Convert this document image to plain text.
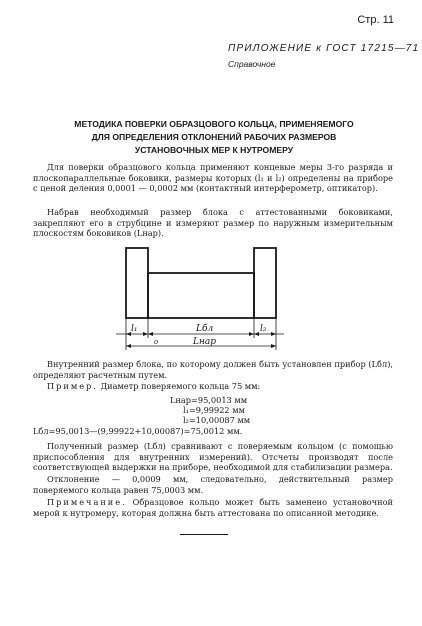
Стр. 11
ПРИЛОЖЕНИЕ к ГОСТ 17215—71
Справочное
МЕТОДИКА ПОВЕРКИ ОБРАЗЦОВОГО КОЛЬЦА, ПРИМЕНЯЕМОГО
ДЛЯ ОПРЕДЕЛЕНИЯ ОТКЛОНЕНИЙ РАБОЧИХ РАЗМЕРОВ
УСТАНОВОЧНЫХ МЕР К НУТРОМЕРУ

Для поверки образцового кольца применяют концевые меры 3-го разряда и плоскопараллельные боковики, размеры которых (l₁ и l₂) определены на приборе с ценой деления 0,0001 — 0,0002 мм (контактный интерферометр, оптикатор).

Набрав необходимый размер блока с аттестованными боковиками, закрепляют его в струбцине и измеряют размер по наружным измерительным плоскостям боковиков (Lнар).

l₁	l₂
Lбл
Lнар
o

Внутренний размер блока, по которому должен быть установлен прибор (Lбл), определяют расчетным путем.

Пример. Диаметр поверяемого кольца 75 мм:

Lнар=95,0013 мм
l₁=9,99922 мм
l₂=10,00087 мм
Lбл=95,0013—(9,99922+10,00087)=75,0012 мм.

Полученный размер (Lбл) сравнивают с поверяемым кольцом (с помощью приспособления для внутренних измерений). Отсчеты производят после соответствующей выдержки на приборе, необходимой для стабилизации размера.

Отклонение — 0,0009 мм, следовательно, действительный размер поверяемого кольца равен 75,0003 мм.

Примечание. Образцовое кольцо может быть заменено установочной мерой к нутромеру, которая должна быть аттестована по описанной методике.
